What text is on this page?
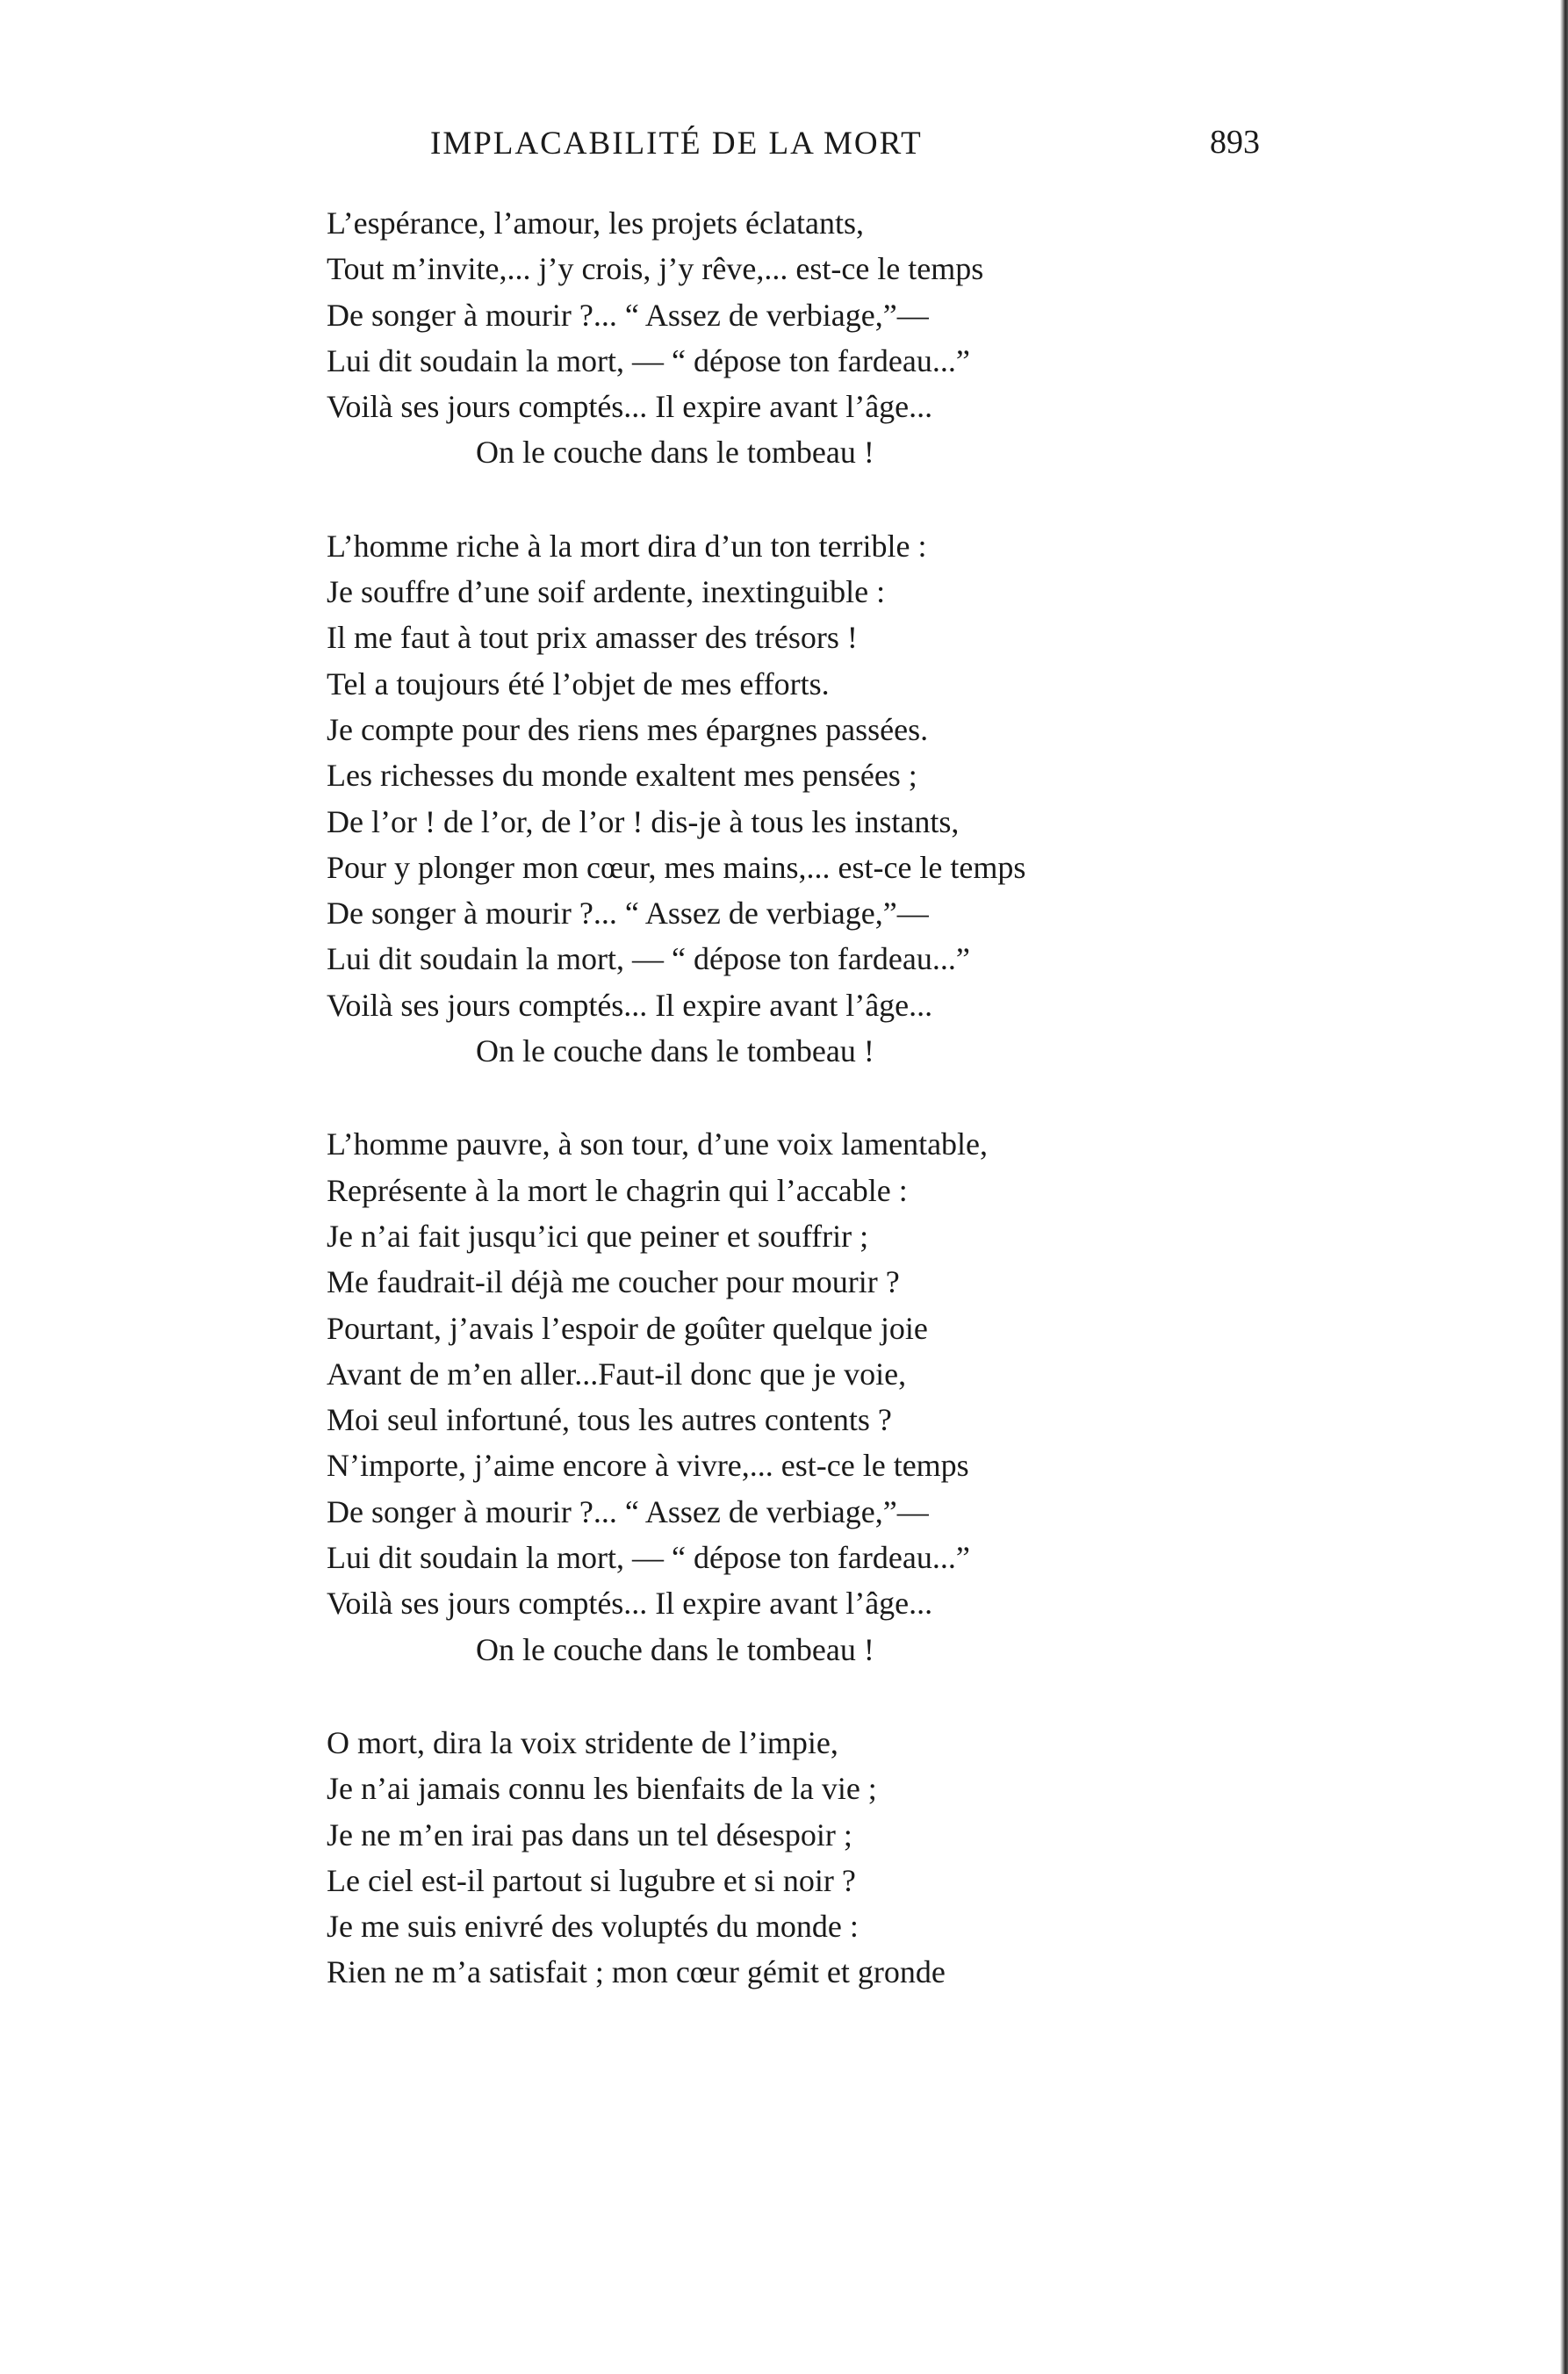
IMPLACABILITÉ DE LA MORT	893
L’espérance, l’amour, les projets éclatants,
Tout m’invite,... j’y crois, j’y rêve,... est-ce le temps
De songer à mourir ?... “ Assez de verbiage,”—
Lui dit soudain la mort, — “ dépose ton fardeau...”
Voilà ses jours comptés... Il expire avant l’âge...
On le couche dans le tombeau !
L’homme riche à la mort dira d’un ton terrible :
Je souffre d’une soif ardente, inextinguible :
Il me faut à tout prix amasser des trésors !
Tel a toujours été l’objet de mes efforts.
Je compte pour des riens mes épargnes passées.
Les richesses du monde exaltent mes pensées ;
De l’or ! de l’or, de l’or ! dis-je à tous les instants,
Pour y plonger mon cœur, mes mains,... est-ce le temps
De songer à mourir ?... “ Assez de verbiage,”—
Lui dit soudain la mort, — “ dépose ton fardeau...”
Voilà ses jours comptés... Il expire avant l’âge...
On le couche dans le tombeau !
L’homme pauvre, à son tour, d’une voix lamentable,
Représente à la mort le chagrin qui l’accable :
Je n’ai fait jusqu’ici que peiner et souffrir ;
Me faudrait-il déjà me coucher pour mourir ?
Pourtant, j’avais l’espoir de goûter quelque joie
Avant de m’en aller...Faut-il donc que je voie,
Moi seul infortuné, tous les autres contents ?
N’importe, j’aime encore à vivre,... est-ce le temps
De songer à mourir ?... “ Assez de verbiage,”—
Lui dit soudain la mort, — “ dépose ton fardeau...”
Voilà ses jours comptés... Il expire avant l’âge...
On le couche dans le tombeau !
O mort, dira la voix stridente de l’impie,
Je n’ai jamais connu les bienfaits de la vie ;
Je ne m’en irai pas dans un tel désespoir ;
Le ciel est-il partout si lugubre et si noir ?
Je me suis enivré des voluptés du monde :
Rien ne m’a satisfait ; mon cœur gémit et gronde
